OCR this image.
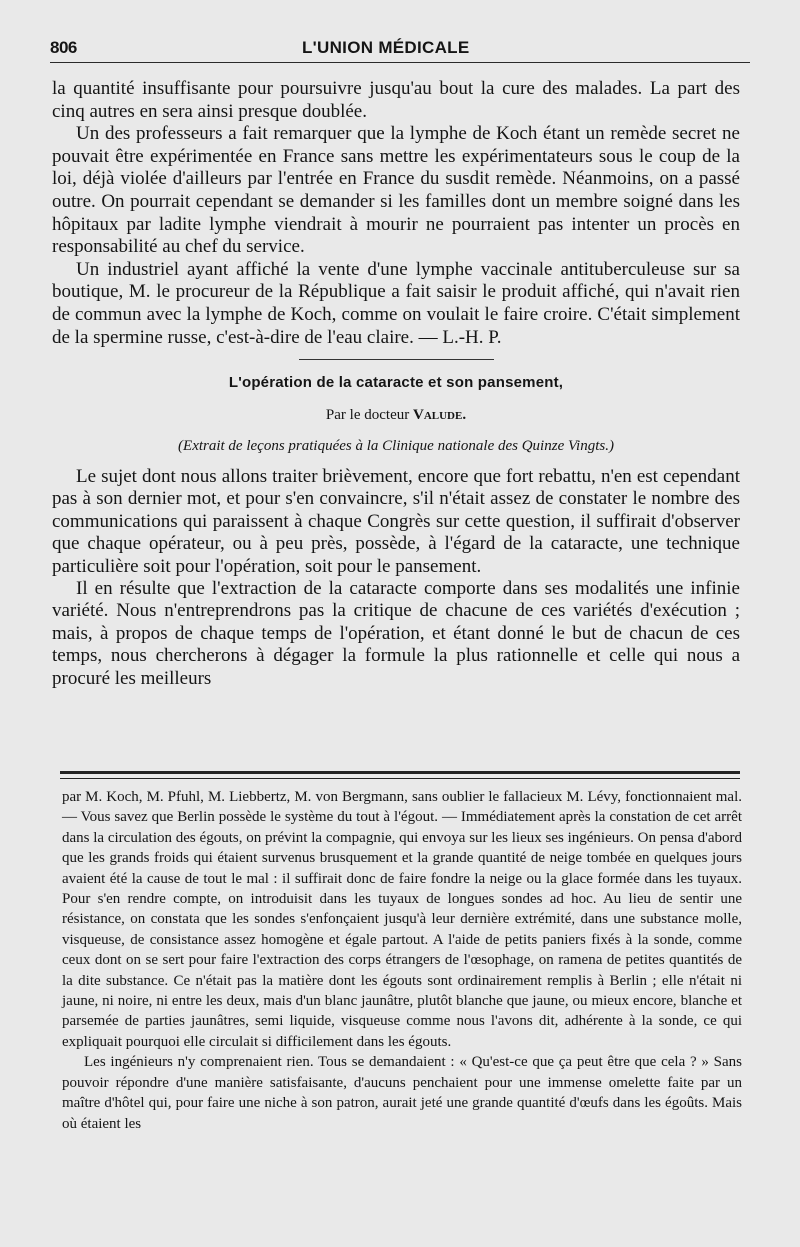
806	L'UNION MÉDICALE

la quantité insuffisante pour poursuivre jusqu'au bout la cure des malades. La part des cinq autres en sera ainsi presque doublée.

Un des professeurs a fait remarquer que la lymphe de Koch étant un remède secret ne pouvait être expérimentée en France sans mettre les expérimentateurs sous le coup de la loi, déjà violée d'ailleurs par l'entrée en France du susdit remède. Néanmoins, on a passé outre. On pourrait cependant se demander si les familles dont un membre soigné dans les hôpitaux par ladite lymphe viendrait à mourir ne pourraient pas intenter un procès en responsabilité au chef du service.

Un industriel ayant affiché la vente d'une lymphe vaccinale antituberculeuse sur sa boutique, M. le procureur de la République a fait saisir le produit affiché, qui n'avait rien de commun avec la lymphe de Koch, comme on voulait le faire croire. C'était simplement de la spermine russe, c'est-à-dire de l'eau claire. — L.-H. P.

L'opération de la cataracte et son pansement,
Par le docteur Valude.
(Extrait de leçons pratiquées à la Clinique nationale des Quinze Vingts.)

Le sujet dont nous allons traiter brièvement, encore que fort rebattu, n'en est cependant pas à son dernier mot, et pour s'en convaincre, s'il n'était assez de constater le nombre des communications qui paraissent à chaque Congrès sur cette question, il suffirait d'observer que chaque opérateur, ou à peu près, possède, à l'égard de la cataracte, une technique particulière soit pour l'opération, soit pour le pansement.

Il en résulte que l'extraction de la cataracte comporte dans ses modalités une infinie variété. Nous n'entreprendrons pas la critique de chacune de ces variétés d'exécution ; mais, à propos de chaque temps de l'opération, et étant donné le but de chacun de ces temps, nous chercherons à dégager la formule la plus rationnelle et celle qui nous a procuré les meilleurs

par M. Koch, M. Pfuhl, M. Liebbertz, M. von Bergmann, sans oublier le fallacieux M. Lévy, fonctionnaient mal. — Vous savez que Berlin possède le système du tout à l'égout. — Immédiatement après la constation de cet arrêt dans la circulation des égouts, on prévint la compagnie, qui envoya sur les lieux ses ingénieurs. On pensa d'abord que les grands froids qui étaient survenus brusquement et la grande quantité de neige tombée en quelques jours avaient été la cause de tout le mal : il suffirait donc de faire fondre la neige ou la glace formée dans les tuyaux. Pour s'en rendre compte, on introduisit dans les tuyaux de longues sondes ad hoc. Au lieu de sentir une résistance, on constata que les sondes s'enfonçaient jusqu'à leur dernière extrémité, dans une substance molle, visqueuse, de consistance assez homogène et égale partout. A l'aide de petits paniers fixés à la sonde, comme ceux dont on se sert pour faire l'extraction des corps étrangers de l'œsophage, on ramena de petites quantités de la dite substance. Ce n'était pas la matière dont les égouts sont ordinairement remplis à Berlin ; elle n'était ni jaune, ni noire, ni entre les deux, mais d'un blanc jaunâtre, plutôt blanche que jaune, ou mieux encore, blanche et parsemée de parties jaunâtres, semi liquide, visqueuse comme nous l'avons dit, adhérente à la sonde, ce qui expliquait pourquoi elle circulait si difficilement dans les égouts.

Les ingénieurs n'y comprenaient rien. Tous se demandaient : « Qu'est-ce que ça peut être que cela ? » Sans pouvoir répondre d'une manière satisfaisante, d'aucuns penchaient pour une immense omelette faite par un maître d'hôtel qui, pour faire une niche à son patron, aurait jeté une grande quantité d'œufs dans les égoûts. Mais où étaient les
